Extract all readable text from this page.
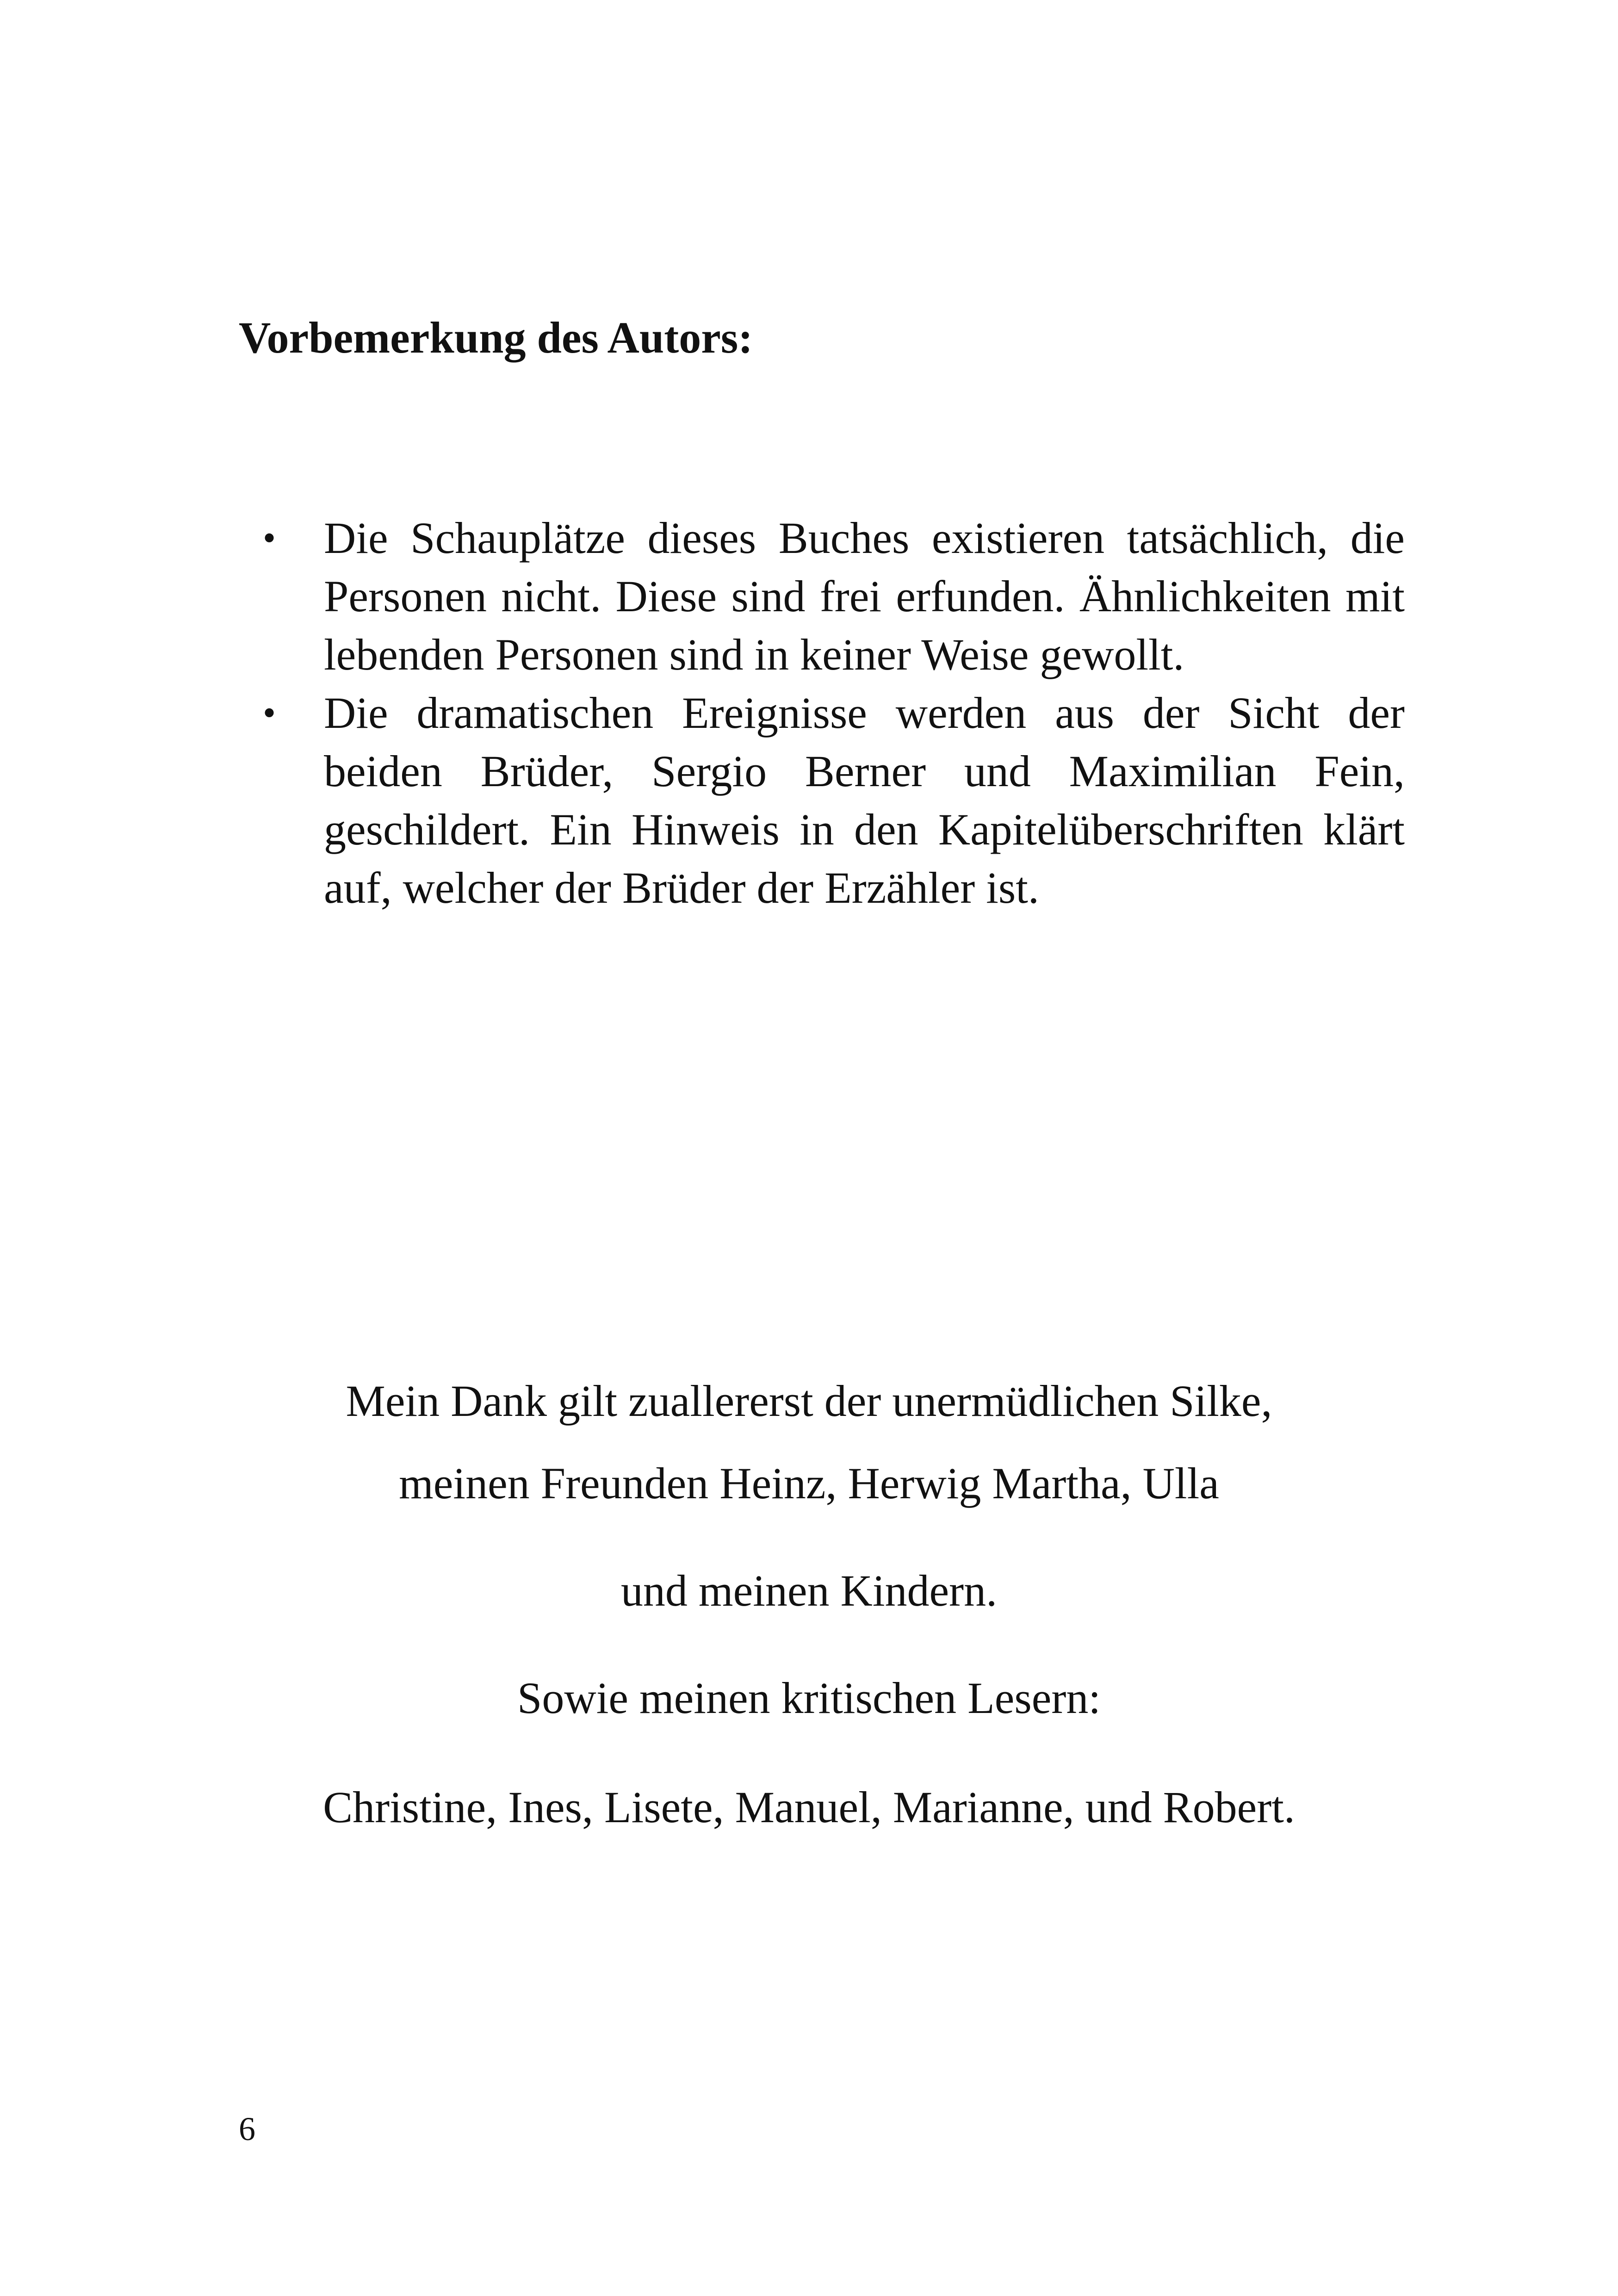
Vorbemerkung des Autors:
• Die Schauplätze dieses Buches existieren tatsächlich, die Personen nicht. Diese sind frei erfunden. Ähnlichkeiten mit lebenden Personen sind in keiner Weise gewollt.
• Die dramatischen Ereignisse werden aus der Sicht der beiden Brüder, Sergio Berner und Maximilian Fein, geschildert. Ein Hinweis in den Kapitelüberschriften klärt auf, welcher der Brüder der Erzähler ist.

Mein Dank gilt zuallererst der unermüdlichen Silke,

meinen Freunden Heinz, Herwig Martha, Ulla

und meinen Kindern.

Sowie meinen kritischen Lesern:

Christine, Ines, Lisete, Manuel, Marianne, und Robert.

6
